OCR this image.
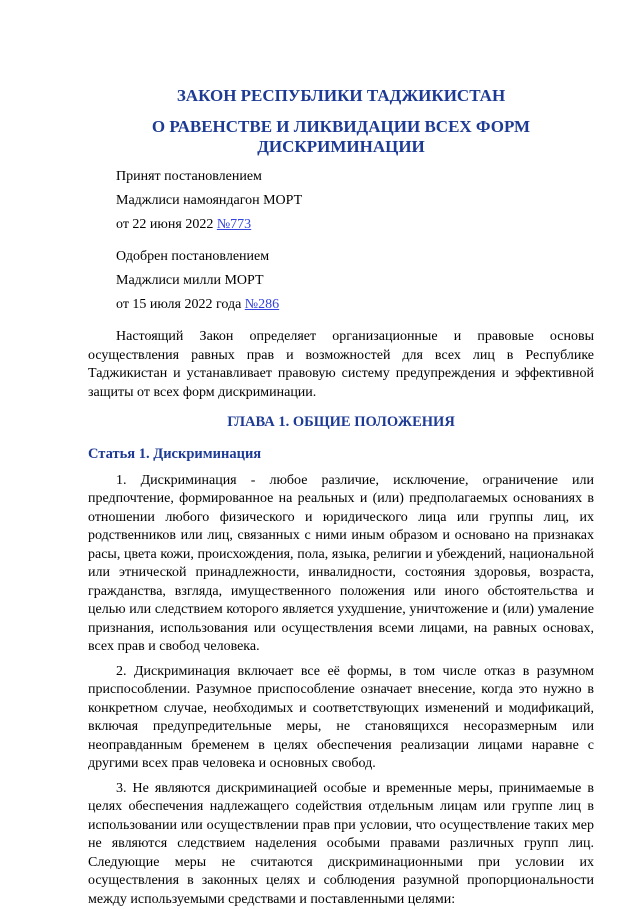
ЗАКОН РЕСПУБЛИКИ ТАДЖИКИСТАН
О РАВЕНСТВЕ И ЛИКВИДАЦИИ ВСЕХ ФОРМ ДИСКРИМИНАЦИИ

Принят постановлением

Маджлиси намояндагон МОРТ

от 22 июня 2022 №773

Одобрен постановлением

Маджлиси милли МОРТ

от 15 июля 2022 года №286

Настоящий Закон определяет организационные и правовые основы осуществления равных прав и возможностей для всех лиц в Республике Таджикистан и устанавливает правовую систему предупреждения и эффективной защиты от всех форм дискриминации.

ГЛАВА 1. ОБЩИЕ ПОЛОЖЕНИЯ
Статья 1. Дискриминация

1. Дискриминация - любое различие, исключение, ограничение или предпочтение, формированное на реальных и (или) предполагаемых основаниях в отношении любого физического и юридического лица или группы лиц, их родственников или лиц, связанных с ними иным образом и основано на признаках расы, цвета кожи, происхождения, пола, языка, религии и убеждений, национальной или этнической принадлежности, инвалидности, состояния здоровья, возраста, гражданства, взгляда, имущественного положения или иного обстоятельства и целью или следствием которого является ухудшение, уничтожение и (или) умаление признания, использования или осуществления всеми лицами, на равных основах, всех прав и свобод человека.

2. Дискриминация включает все её формы, в том числе отказ в разумном приспособлении. Разумное приспособление означает внесение, когда это нужно в конкретном случае, необходимых и соответствующих изменений и модификаций, включая предупредительные меры, не становящихся несоразмерным или неоправданным бременем в целях обеспечения реализации лицами наравне с другими всех прав человека и основных свобод.

3. Не являются дискриминацией особые и временные меры, принимаемые в целях обеспечения надлежащего содействия отдельным лицам или группе лиц в использовании или осуществлении прав при условии, что осуществление таких мер не являются следствием наделения особыми правами различных групп лиц. Следующие меры не считаются дискриминационными при условии их осуществления в законных целях и соблюдения разумной пропорциональности между используемыми средствами и поставленными целями:
